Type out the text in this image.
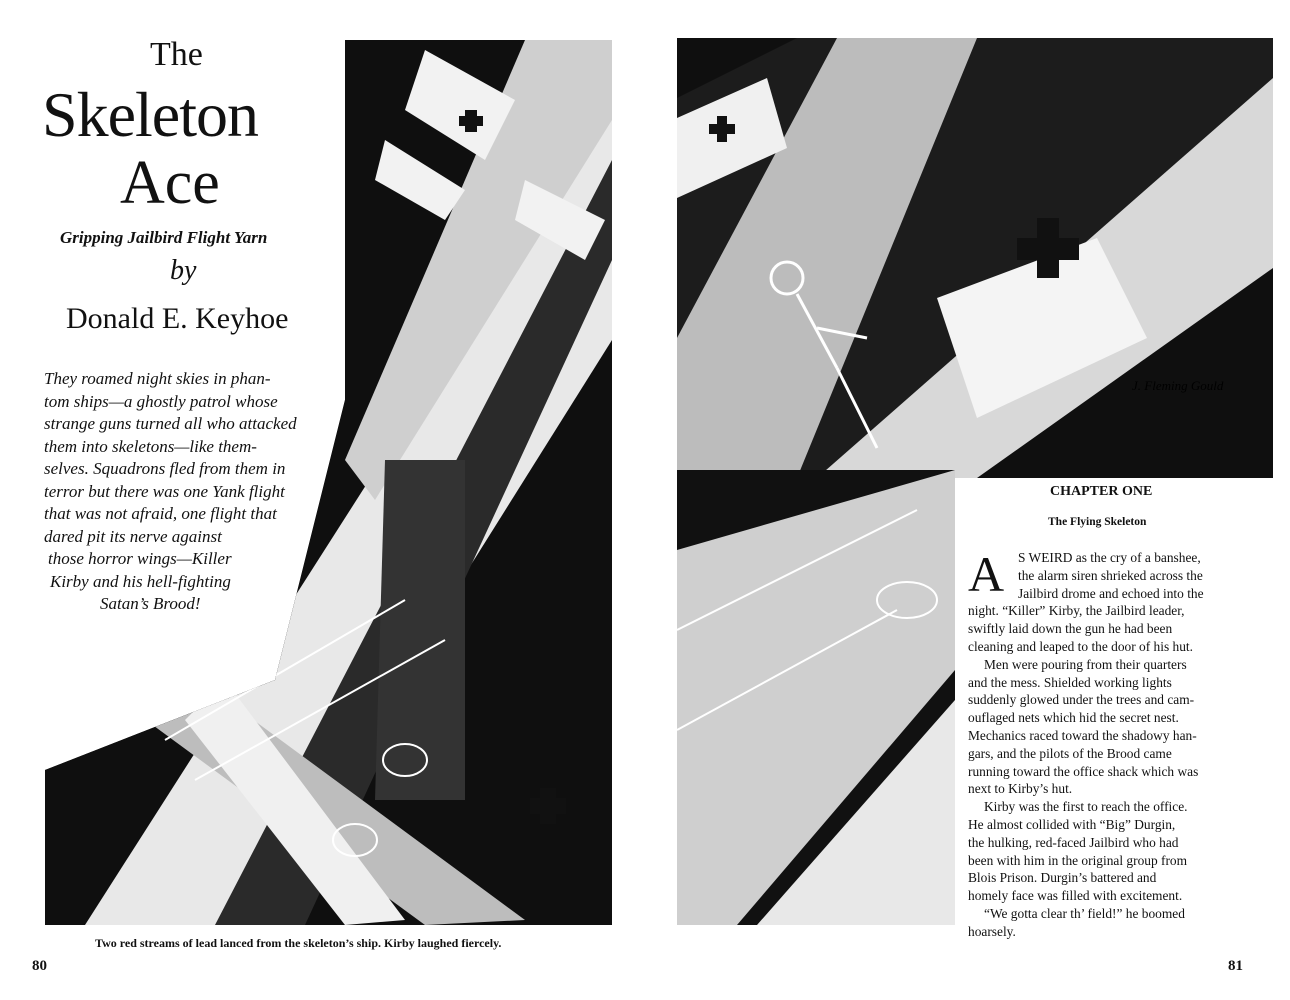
The
Skeleton
Ace
Gripping Jailbird Flight Yarn
by
Donald E. Keyhoe
They roamed night skies in phan-
tom ships—a ghostly patrol whose
strange guns turned all who attacked
them into skeletons—like them-
selves. Squadrons fled from them in
terror but there was one Yank flight
that was not afraid, one flight that
dared pit its nerve against
those horror wings—Killer
Kirby and his hell-fighting
Satan’s Brood!
J. Fleming Gould
Two red streams of lead lanced from the skeleton’s ship. Kirby laughed fiercely.
80	81
CHAPTER ONE
The Flying Skeleton
A	S WEIRD as the cry of a banshee,
the alarm siren shrieked across the
Jailbird drome and echoed into the
night. “Killer” Kirby, the Jailbird leader,
swiftly laid down the gun he had been
cleaning and leaped to the door of his hut.
Men were pouring from their quarters
and the mess. Shielded working lights
suddenly glowed under the trees and cam-
ouflaged nets which hid the secret nest.
Mechanics raced toward the shadowy han-
gars, and the pilots of the Brood came
running toward the office shack which was
next to Kirby’s hut.
Kirby was the first to reach the office.
He almost collided with “Big” Durgin,
the hulking, red-faced Jailbird who had
been with him in the original group from
Blois Prison. Durgin’s battered and
homely face was filled with excitement.
“We gotta clear th’ field!” he boomed
hoarsely.
